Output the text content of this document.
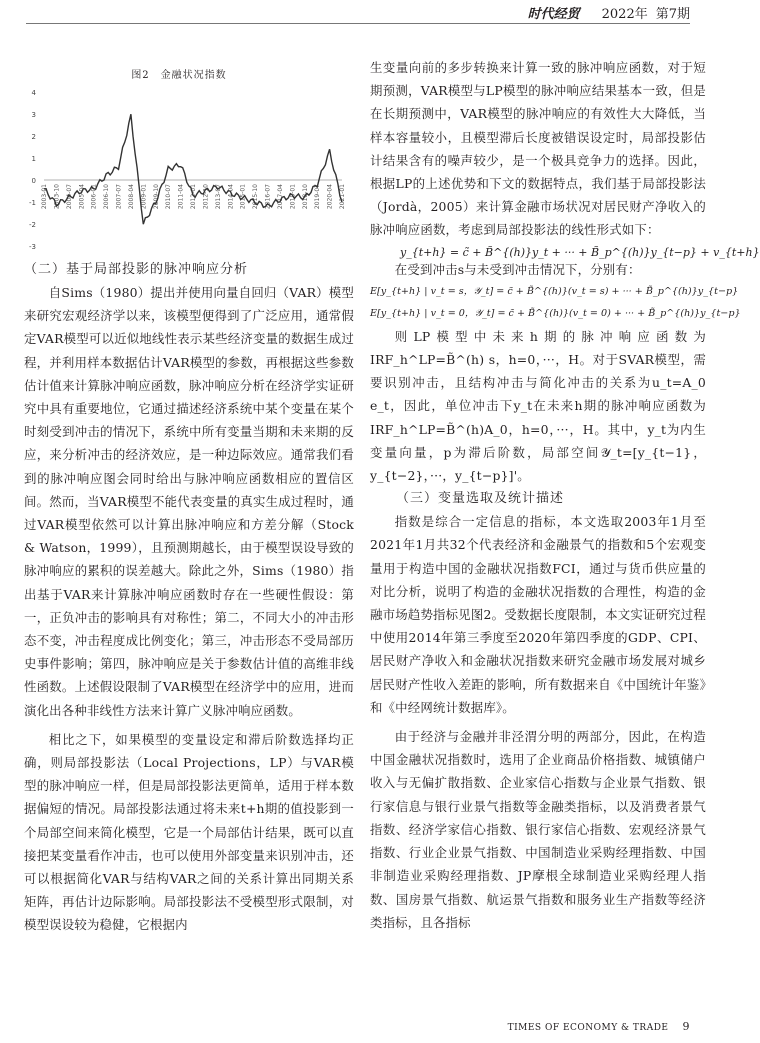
时代经贸 2022年 第7期
图2　金融状况指数
4
3
2
1
0
-1
-2
-3
2003-01 2003-10 2004-07 2005-04 2006-01 2006-10 2007-07 2008-04 2009-01 2009-10 2010-07 2011-04 2012-01 2012-10 2013-07 2014-04 2015-01 2015-10 2016-07 2017-04 2018-01 2018-10 2019-07 2020-04 2021-01

（二）基于局部投影的脉冲响应分析

自Sims（1980）提出并使用向量自回归（VAR）模型来研究宏观经济学以来，该模型便得到了广泛应用，通常假定VAR模型可以近似地线性表示某些经济变量的数据生成过程，并利用样本数据估计VAR模型的参数，再根据这些参数估计值来计算脉冲响应函数，脉冲响应分析在经济学实证研究中具有重要地位，它通过描述经济系统中某个变量在某个时刻受到冲击的情况下，系统中所有变量当期和未来期的反应，来分析冲击的经济效应，是一种边际效应。通常我们看到的脉冲响应图会同时给出与脉冲响应函数相应的置信区间。然而，当VAR模型不能代表变量的真实生成过程时，通过VAR模型依然可以计算出脉冲响应和方差分解（Stock & Watson，1999），且预测期越长，由于模型误设导致的脉冲响应的累积的误差越大。除此之外，Sims（1980）指出基于VAR来计算脉冲响应函数时存在一些硬性假设：第一，正负冲击的影响具有对称性；第二，不同大小的冲击形态不变，冲击程度成比例变化；第三，冲击形态不受局部历史事件影响；第四，脉冲响应是关于参数估计值的高维非线性函数。上述假设限制了VAR模型在经济学中的应用，进而演化出各种非线性方法来计算广义脉冲响应函数。

相比之下，如果模型的变量设定和滞后阶数选择均正确，则局部投影法（Local Projections，LP）与VAR模型的脉冲响应一样，但是局部投影法更简单，适用于样本数据偏短的情况。局部投影法通过将未来t+h期的值投影到一个局部空间来简化模型，它是一个局部估计结果，既可以直接把某变量看作冲击，也可以使用外部变量来识别冲击，还可以根据简化VAR与结构VAR之间的关系计算出同期关系矩阵，再估计边际影响。局部投影法不受模型形式限制，对模型误设较为稳健，它根据内

生变量向前的多步转换来计算一致的脉冲响应函数，对于短期预测，VAR模型与LP模型的脉冲响应结果基本一致，但是在长期预测中，VAR模型的脉冲响应的有效性大大降低，当样本容量较小，且模型滞后长度被错误设定时，局部投影估计结果含有的噪声较少，是一个极具竞争力的选择。因此，根据LP的上述优势和下文的数据特点，我们基于局部投影法（Jordà，2005）来计算金融市场状况对居民财产净收入的脉冲响应函数，考虑到局部投影法的线性形式如下：

y_{t+h} = c̃ + B̃^{(h)}y_t + ··· + B̃_p^{(h)}y_{t−p} + v_{t+h}

在受到冲击s与未受到冲击情况下，分别有：

E[y_{t+h} | v_t = s，𝒴_t] = c̃ + B̃^{(h)}(v_t = s) + ··· + B̃_p^{(h)}y_{t−p}

E[y_{t+h} | v_t = 0，𝒴_t] = c̃ + B̃^{(h)}(v_t = 0) + ··· + B̃_p^{(h)}y_{t−p}

则LP模型中未来h期的脉冲响应函数为IRF_h^LP=B̃^(h) s，h=0，···，H。对于SVAR模型，需要识别冲击，且结构冲击与简化冲击的关系为u_t=A_0 e_t，因此，单位冲击下y_t在未来h期的脉冲响应函数为IRF_h^LP=B̃^(h)A_0，h=0，···，H。其中，y_t为内生变量向量，p为滞后阶数，局部空间𝒴_t=[y_{t−1}，y_{t−2}，···，y_{t−p}]'。

（三）变量选取及统计描述

指数是综合一定信息的指标，本文选取2003年1月至2021年1月共32个代表经济和金融景气的指数和5个宏观变量用于构造中国的金融状况指数FCI，通过与货币供应量的对比分析，说明了构造的金融状况指数的合理性，构造的金融市场趋势指标见图2。受数据长度限制，本文实证研究过程中使用2014年第三季度至2020年第四季度的GDP、CPI、居民财产净收入和金融状况指数来研究金融市场发展对城乡居民财产性收入差距的影响，所有数据来自《中国统计年鉴》和《中经网统计数据库》。

由于经济与金融并非泾渭分明的两部分，因此，在构造中国金融状况指数时，选用了企业商品价格指数、城镇储户收入与无偏扩散指数、企业家信心指数与企业景气指数、银行家信息与银行业景气指数等金融类指标，以及消费者景气指数、经济学家信心指数、银行家信心指数、宏观经济景气指数、行业企业景气指数、中国制造业采购经理指数、中国非制造业采购经理指数、JP摩根全球制造业采购经理人指数、国房景气指数、航运景气指数和服务业生产指数等经济类指标，且各指标

TIMES OF ECONOMY & TRADE 9
